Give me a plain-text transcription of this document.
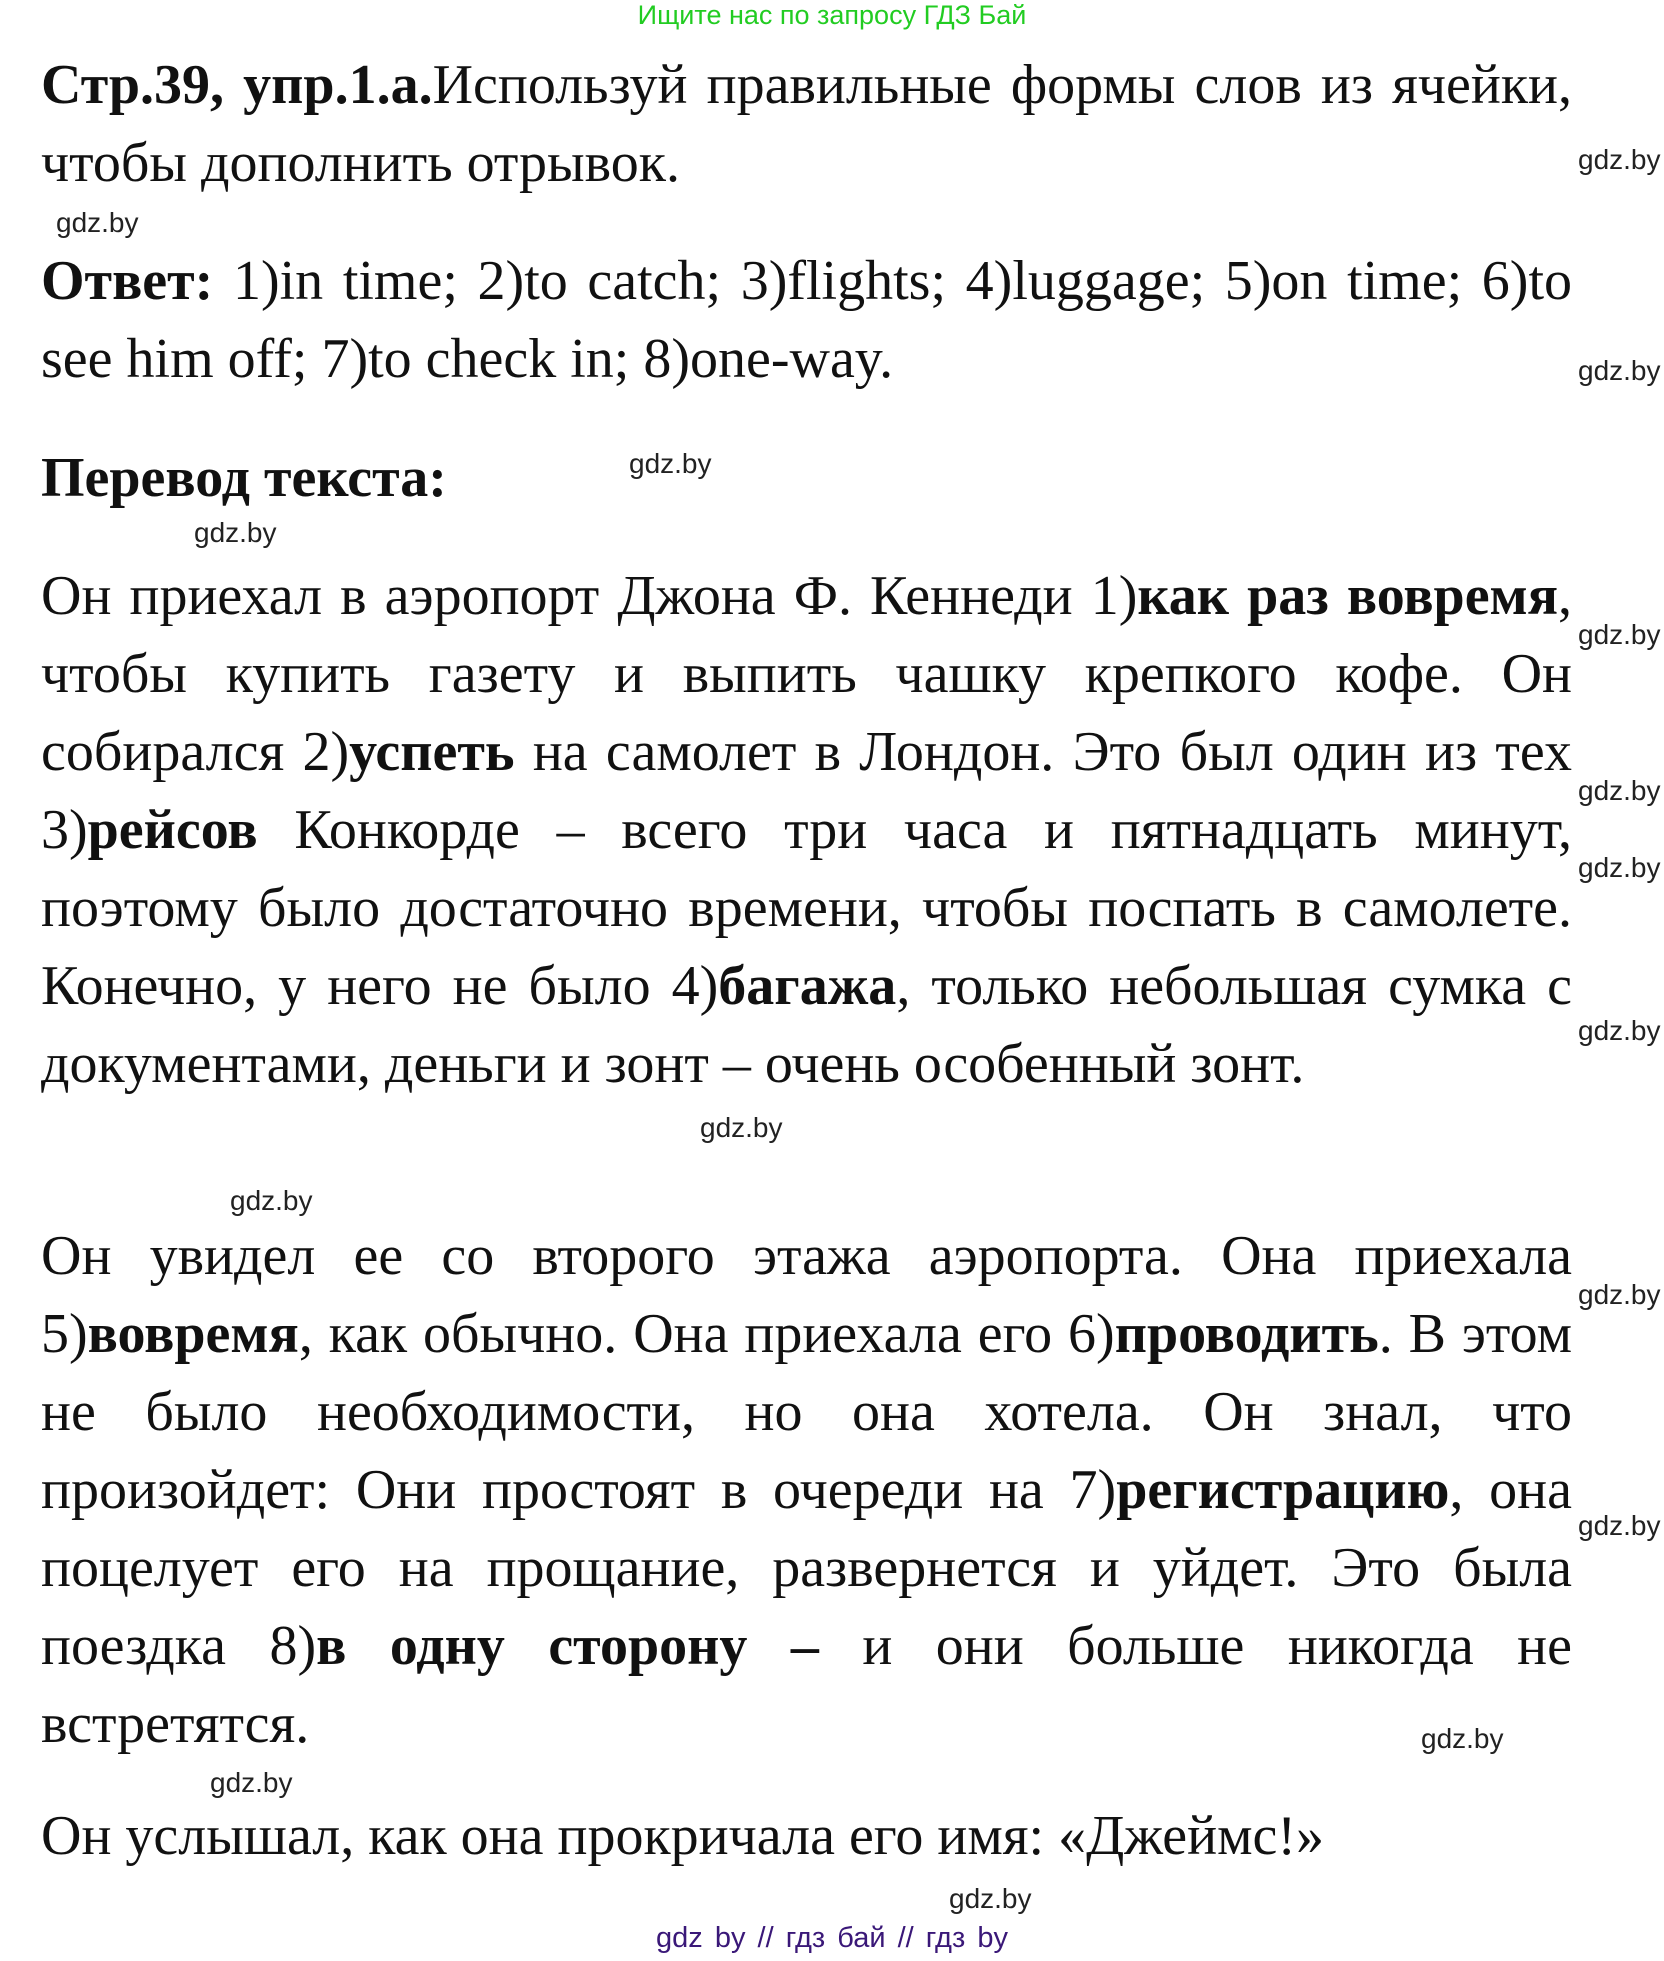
Ищите нас по запросу ГДЗ Бай

Стр.39, упр.1.а.Используй правильные формы слов из ячейки, чтобы дополнить отрывок.

Ответ: 1)in time; 2)to catch; 3)flights; 4)luggage; 5)on time; 6)to see him off; 7)to check in; 8)one-way.

Перевод текста:

Он приехал в аэропорт Джона Ф. Кеннеди 1)как раз вовремя, чтобы купить газету и выпить чашку крепкого кофе. Он собирался 2)успеть на самолет в Лондон. Это был один из тех 3)рейсов Конкорде – всего три часа и пятнадцать минут, поэтому было достаточно времени, чтобы поспать в самолете. Конечно, у него не было 4)багажа, только небольшая сумка с документами, деньги и зонт – очень особенный зонт.

Он увидел ее со второго этажа аэропорта. Она приехала 5)вовремя, как обычно. Она приехала его 6)проводить. В этом не было необходимости, но она хотела. Он знал, что произойдет: Они простоят в очереди на 7)регистрацию, она поцелует его на прощание, развернется и уйдет. Это была поездка 8)в одну сторону – и они больше никогда не встретятся.

Он услышал, как она прокричала его имя: «Джеймс!»

gdz.by
gdz.by
gdz.by
gdz.by
gdz.by
gdz.by
gdz.by
gdz.by
gdz.by
gdz.by
gdz.by
gdz.by
gdz.by
gdz.by
gdz.by
gdz.by
gdz by // гдз бай // гдз by
